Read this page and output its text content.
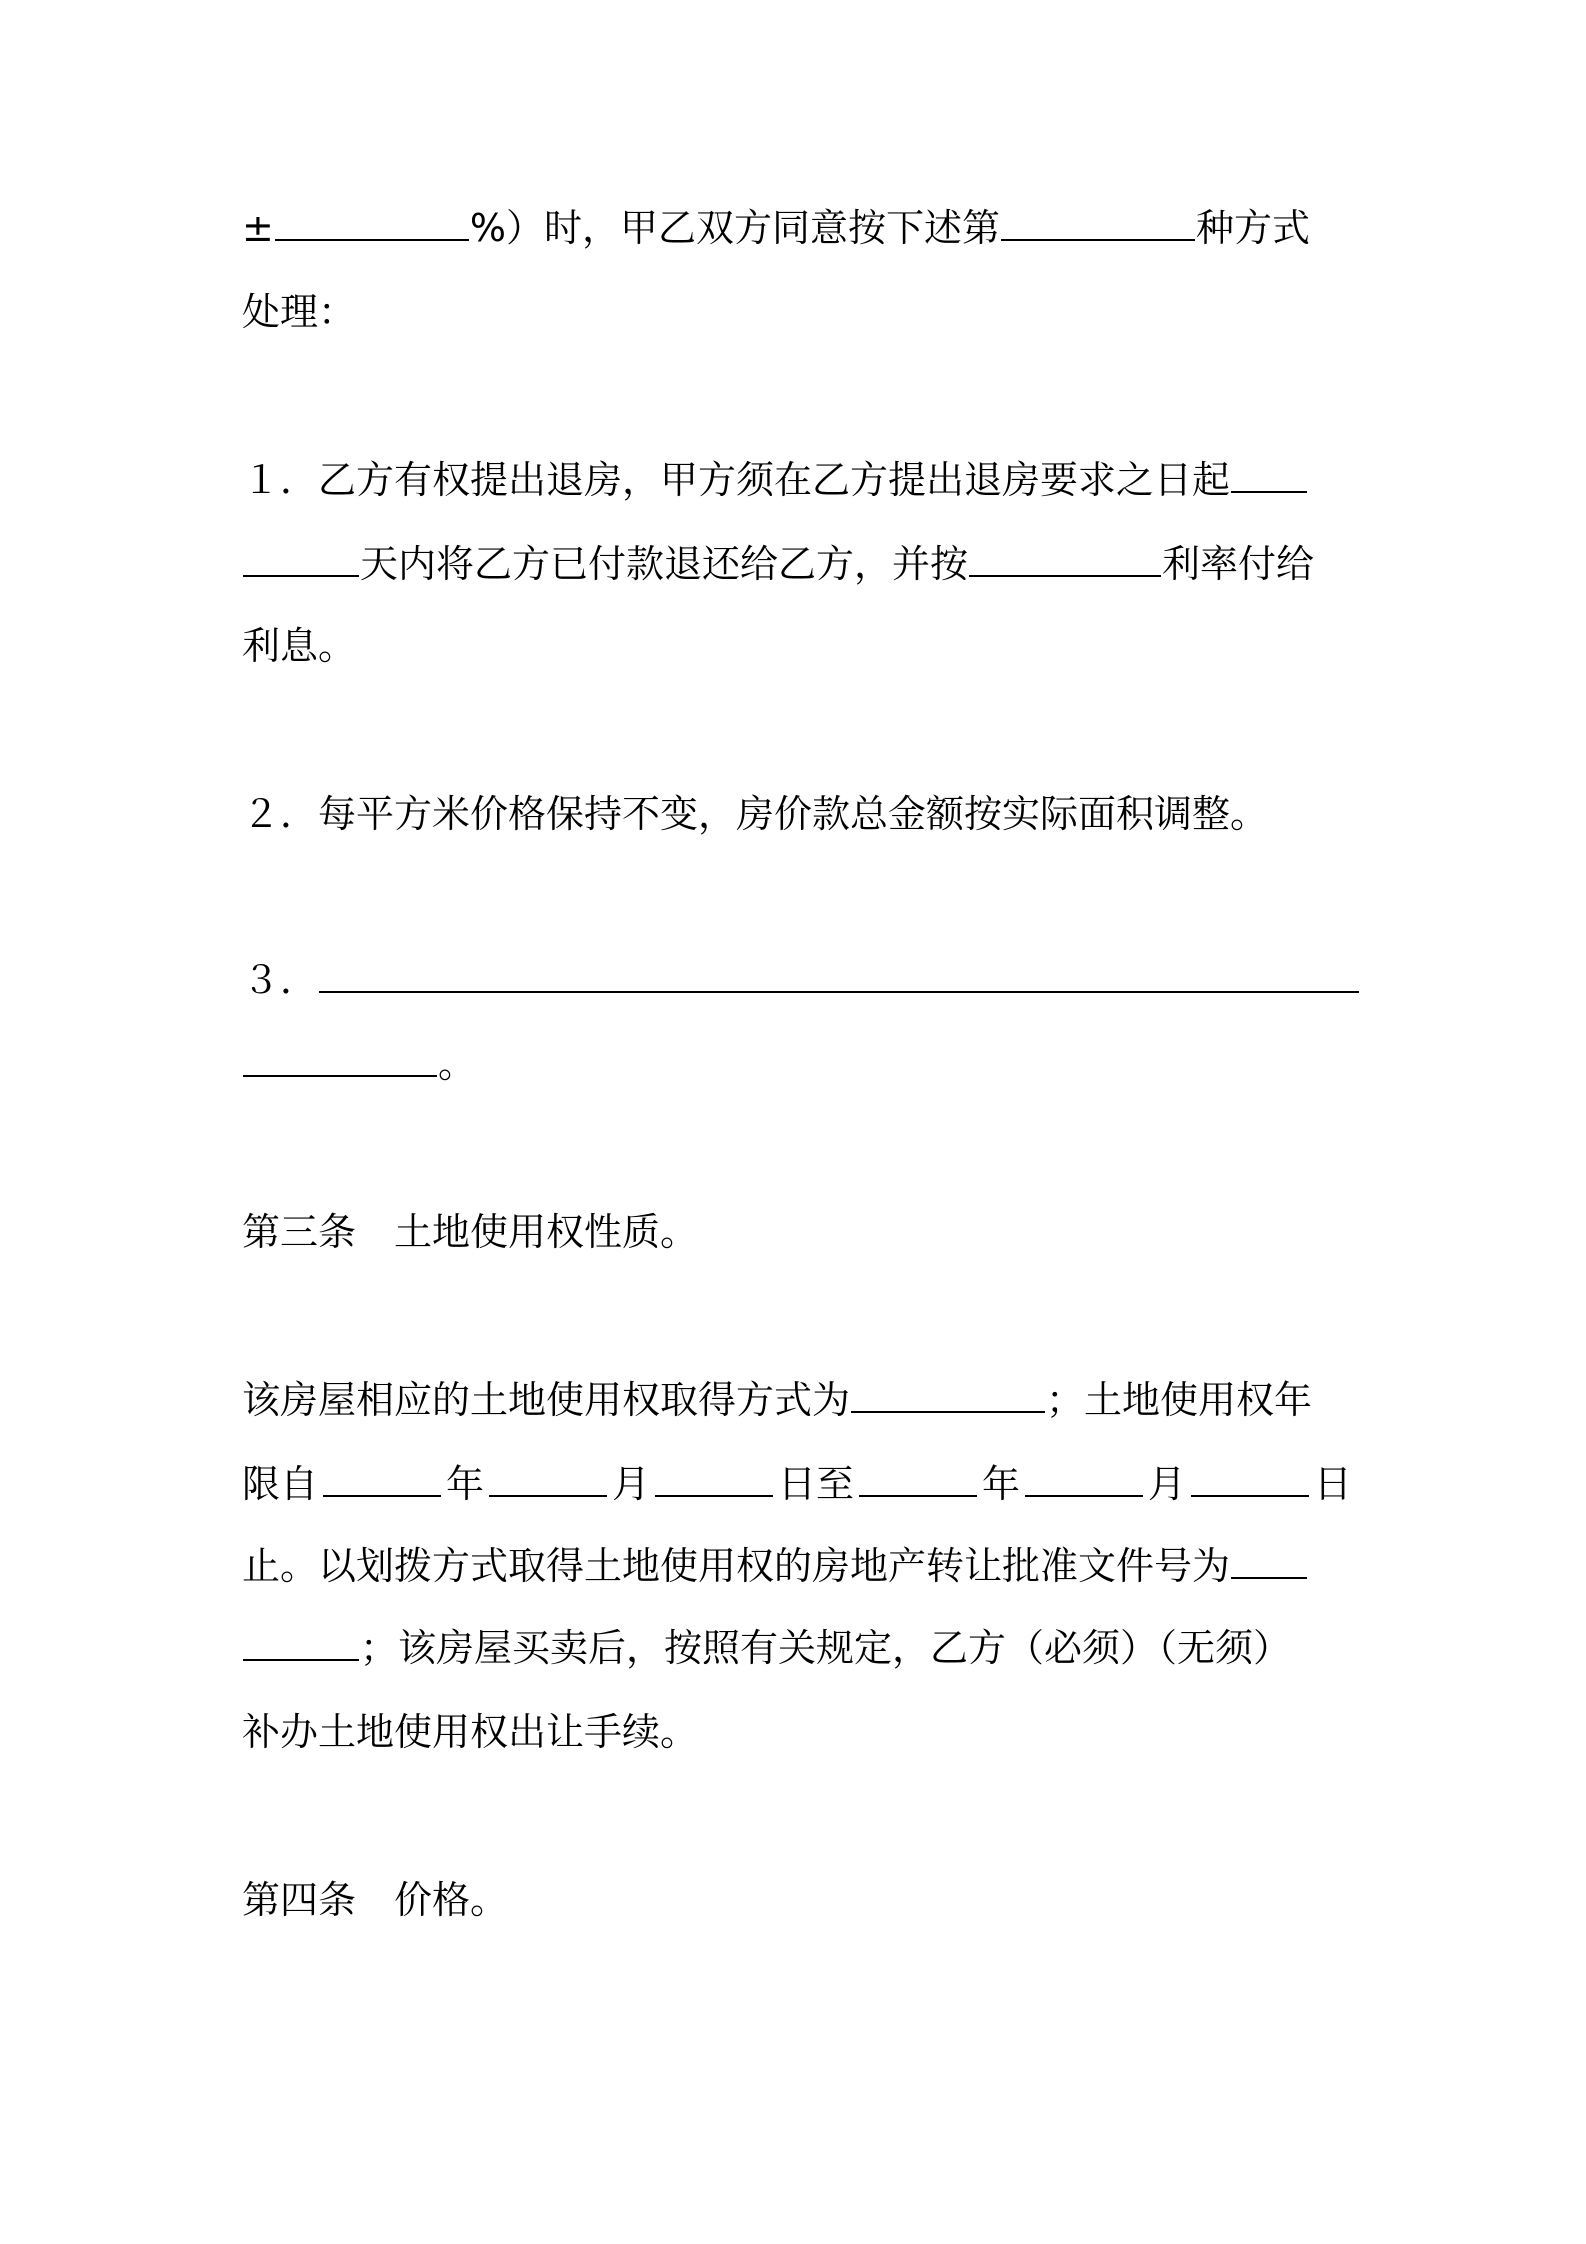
±	%）时，甲乙双方同意按下述第	种方式
处理：
１．乙方有权提出退房，甲方须在乙方提出退房要求之日起
天内将乙方已付款退还给乙方，并按	利率付给
利息。
２．每平方米价格保持不变，房价款总金额按实际面积调整。
３．
。
第三条　土地使用权性质。
该房屋相应的土地使用权取得方式为	；土地使用权年
限自	年	月	日至	年	月	日
止。以划拨方式取得土地使用权的房地产转让批准文件号为
；该房屋买卖后，按照有关规定，乙方（必须）（无须）
补办土地使用权出让手续。
第四条　价格。
